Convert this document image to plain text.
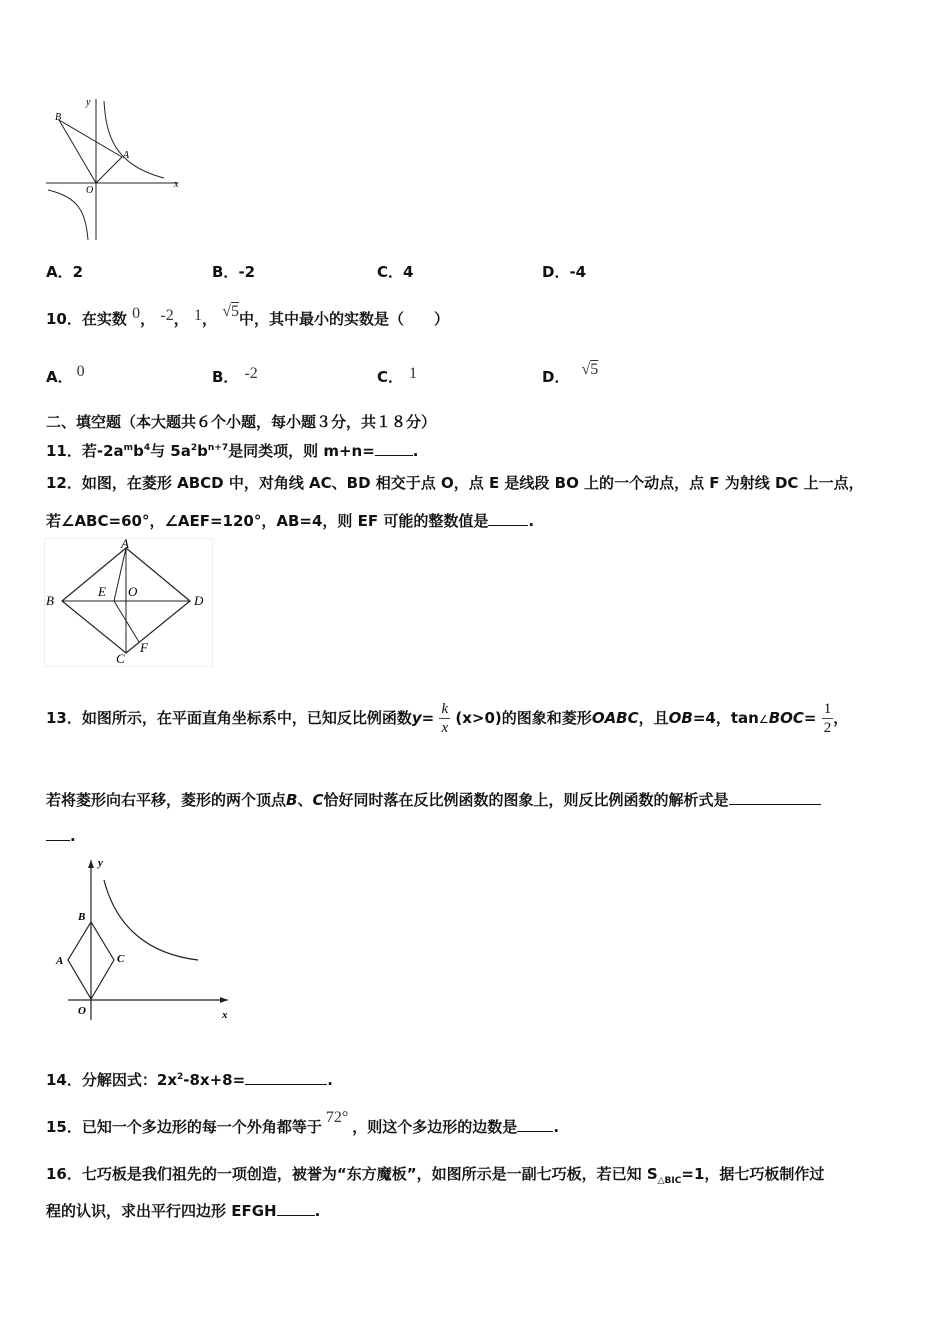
B
A
O
x
y
A．2	B．-2	C．4	D．-4
10．在实数 0， -2， 1， √5中，其中最小的实数是（　　）
A． 0	B． -2	C． 1	D． √5
二、填空题（本大题共６个小题，每小题３分，共１８分）
11．若$-2a^mb^4$与 $5a^2b^{n+7}$是同类项，则 m+n=	.
12．如图，在菱形 ABCD 中，对角线 AC、BD 相交于点 O，点 E 是线段 BO 上的一个动点，点 F 为射线 DC 上一点，
若∠ABC=60°，∠AEF=120°，AB=4，则 EF 可能的整数值是	.
A
B
C
D
E O
F
13．如图所示，在平面直角坐标系中，已知反比例函数$y= \frac{k}{x} (x>0)$的图象和菱形OABC，且OB=4，tan∠BOC= $\frac{1}{2}$ ，
若将菱形向右平移，菱形的两个顶点B、C恰好同时落在反比例函数的图象上，则反比例函数的解析式是
.
y
B
A	C
O	x
14．分解因式：$2x^2-8x+8=$	.
15．已知一个多边形的每一个外角都等于72°，则这个多边形的边数是 .
16．七巧板是我们祖先的一项创造，被誉为“东方魔板”，如图所示是一副七巧板，若已知 $S_{\triangle BIC}=1$，据七巧板制作过
程的认识，求出平行四边形 EFGH	.
